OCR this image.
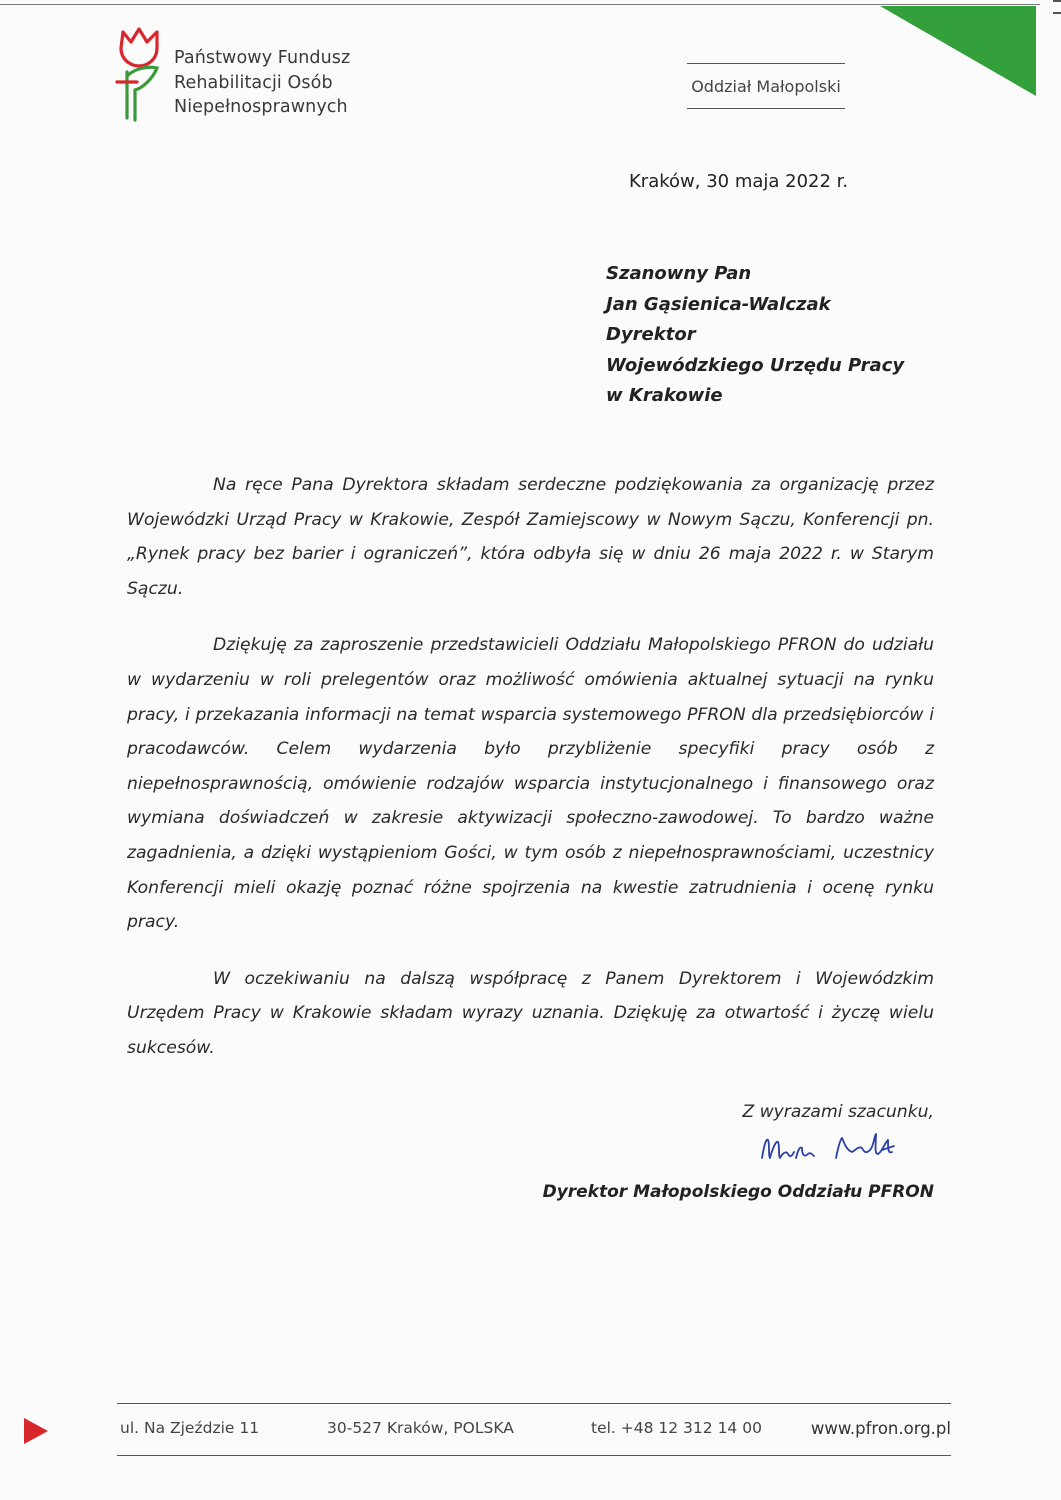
Państwowy Fundusz
Rehabilitacji Osób
Niepełnosprawnych
Oddział Małopolski
Kraków, 30 maja 2022 r.
Szanowny Pan
Jan Gąsienica-Walczak
Dyrektor
Wojewódzkiego Urzędu Pracy
w Krakowie

Na ręce Pana Dyrektora składam serdeczne podziękowania za organizację przez Wojewódzki Urząd Pracy w Krakowie, Zespół Zamiejscowy w Nowym Sączu, Konferencji pn. „Rynek pracy bez barier i ograniczeń”, która odbyła się w dniu 26 maja 2022 r. w Starym Sączu.

Dziękuję za zaproszenie przedstawicieli Oddziału Małopolskiego PFRON do udziału w wydarzeniu w roli prelegentów oraz możliwość omówienia aktualnej sytuacji na rynku pracy, i przekazania informacji na temat wsparcia systemowego PFRON dla przedsiębiorców i pracodawców. Celem wydarzenia było przybliżenie specyfiki pracy osób z niepełnosprawnością, omówienie rodzajów wsparcia instytucjonalnego i finansowego oraz wymiana doświadczeń w zakresie aktywizacji społeczno-zawodowej. To bardzo ważne zagadnienia, a dzięki wystąpieniom Gości, w tym osób z niepełnosprawnościami, uczestnicy Konferencji mieli okazję poznać różne spojrzenia na kwestie zatrudnienia i ocenę rynku pracy.

W oczekiwaniu na dalszą współpracę z Panem Dyrektorem i Wojewódzkim Urzędem Pracy w Krakowie składam wyrazy uznania. Dziękuję za otwartość i życzę wielu sukcesów.

Z wyrazami szacunku,
Dyrektor Małopolskiego Oddziału PFRON
ul. Na Zjeździe 11	30-527 Kraków, POLSKA	tel. +48 12 312 14 00	www.pfron.org.pl
